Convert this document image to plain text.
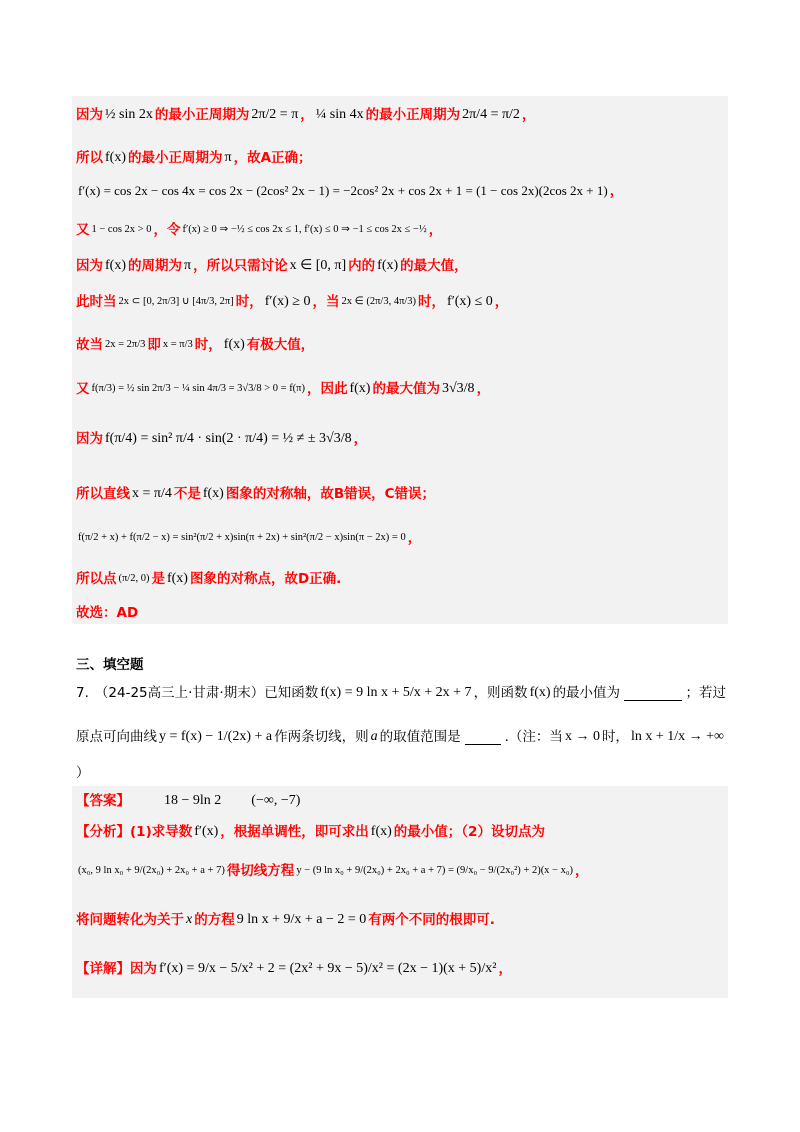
因为 ½ sin 2x 的最小正周期为 2π/2 = π ， ¼ sin 4x 的最小正周期为 2π/4 = π/2 ，
所以 f(x) 的最小正周期为 π ，故A正确；
f′(x) = cos 2x − cos 4x = cos 2x − (2cos² 2x − 1) = −2cos² 2x + cos 2x + 1 = (1 − cos 2x)(2cos 2x + 1) ，
又 1 − cos 2x > 0 ，令 f′(x) ≥ 0 ⇒ −½ ≤ cos 2x ≤ 1, f′(x) ≤ 0 ⇒ −1 ≤ cos 2x ≤ −½ ，
因为 f(x) 的周期为 π ，所以只需讨论 x ∈ [0, π] 内的 f(x) 的最大值，
此时当 2x ⊂ [0, 2π/3] ∪ [4π/3, 2π] 时， f′(x) ≥ 0 ，当 2x ∈ (2π/3, 4π/3) 时， f′(x) ≤ 0 ，
故当 2x = 2π/3 即 x = π/3 时， f(x) 有极大值，
又 f(π/3) = ½ sin 2π/3 − ¼ sin 4π/3 = 3√3/8 > 0 = f(π) ，因此 f(x) 的最大值为 3√3/8 ，
因为 f(π/4) = sin² π/4 · sin(2 · π/4) = ½ ≠ ± 3√3/8 ，
所以直线 x = π/4 不是 f(x) 图象的对称轴，故B错误，C错误；
f(π/2 + x) + f(π/2 − x) = sin²(π/2 + x)sin(π + 2x) + sin²(π/2 − x)sin(π − 2x) = 0 ，
所以点 (π/2, 0) 是 f(x) 图象的对称点，故D正确.
故选：AD
三、填空题
7. （24-25高三上·甘肃·期末） 已知函数 f(x) = 9 ln x + 5/x + 2x + 7 ，则函数 f(x) 的最小值为	；若过
原点可向曲线 y = f(x) − 1/(2x) + a 作两条切线，则 a 的取值范围是	.（注：当 x → 0 时， ln x + 1/x → +∞
）
【答案】 18 − 9ln 2 (−∞, −7)
【分析】 (1)求导数 f′(x) ，根据单调性，即可求出 f(x) 的最小值；（2）设切点为
(x₀, 9 ln x₀ + 9/(2x₀) + 2x₀ + a + 7) 得切线方程 y − (9 ln x₀ + 9/(2x₀) + 2x₀ + a + 7) = (9/x₀ − 9/(2x₀²) + 2)(x − x₀) ，
将问题转化为关于 x 的方程 9 ln x + 9/x + a − 2 = 0 有两个不同的根即可.
【详解】 因为 f′(x) = 9/x − 5/x² + 2 = (2x² + 9x − 5)/x² = (2x − 1)(x + 5)/x² ，
